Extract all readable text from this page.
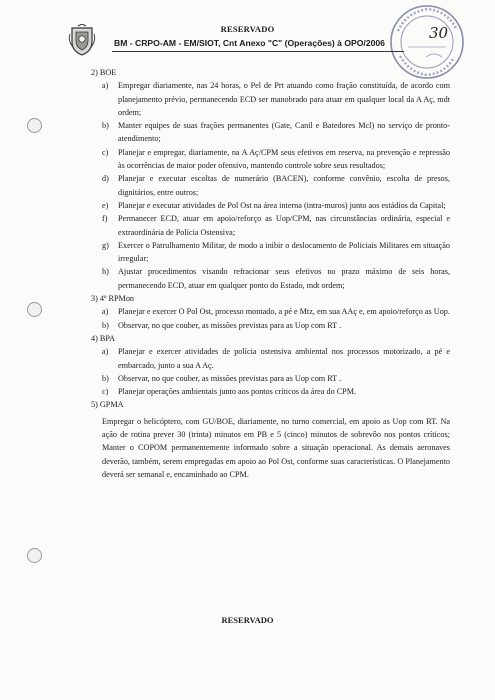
30
RESERVADO
BM - CRPO-AM - EM/SIOT, Cnt Anexo "C" (Operações) à OPO/2006
2) BOE
a)	Empregar diariamente, nas 24 horas, o Pel de Prt atuando como fração constituída, de acordo com planejamento prévio, permanecendo ECD ser manobrado para atuar em qualquer local da A Aç, mdt ordem;
b)	Manter equipes de suas frações permanentes (Gate, Canil e Batedores Mcl) no serviço de pronto-atendimento;
c)	Planejar e empregar, diariamente, na A Aç/CPM seus efetivos em reserva, na prevenção e repressão às ocorrências de maior poder ofensivo, mantendo controle sobre seus resultados;
d)	Planejar e executar escoltas de numerário (BACEN), conforme convênio, escolta de presos, dignitários, entre outros;
e)	Planejar e executar atividades de Pol Ost na área interna (intra-muros) junto aos estádios da Capital;
f)	Permanecer ECD, atuar em apoio/reforço as Uop/CPM, nas circunstâncias ordinária, especial e extraordinária de Polícia Ostensiva;
g)	Exercer o Patrulhamento Militar, de modo a inibir o deslocamento de Policiais Militares em situação irregular;
h)	Ajustar procedimentos visando refracionar seus efetivos no prazo máximo de seis horas, permanecendo ECD, atuar em qualquer ponto do Estado, mdt ordem;
3) 4º RPMon
a)	Planejar e exercer O Pol Ost, processo montado, a pé e Mtz, em sua AAç e, em apoio/reforço as Uop.
b)	Observar, no que couber, as missões previstas para as Uop com RT .
4) BPA
a)	Planejar e exercer atividades de polícia ostensiva ambiental nos processos motorizado, a pé e embarcado, junto a sua A Aç.
b)	Observar, no que couber, as missões previstas para as Uop com RT .
c)	Planejar operações ambientais junto aos pontos críticos da área do CPM.
5) GPMA
Empregar o helicóptero, com GU/BOE, diariamente, no turno comercial, em apoio as Uop com RT. Na ação de rotina prever 30 (trinta) minutos em PB e 5 (cinco) minutos de sobrevôo nos pontos críticos; Manter o COPOM permanentemente informado sobre a situação operacional. As demais aeronaves deverão, também, serem empregadas em apoio ao Pol Ost, conforme suas características. O Planejamento deverá ser semanal e, encaminhado ao CPM.
RESERVADO
